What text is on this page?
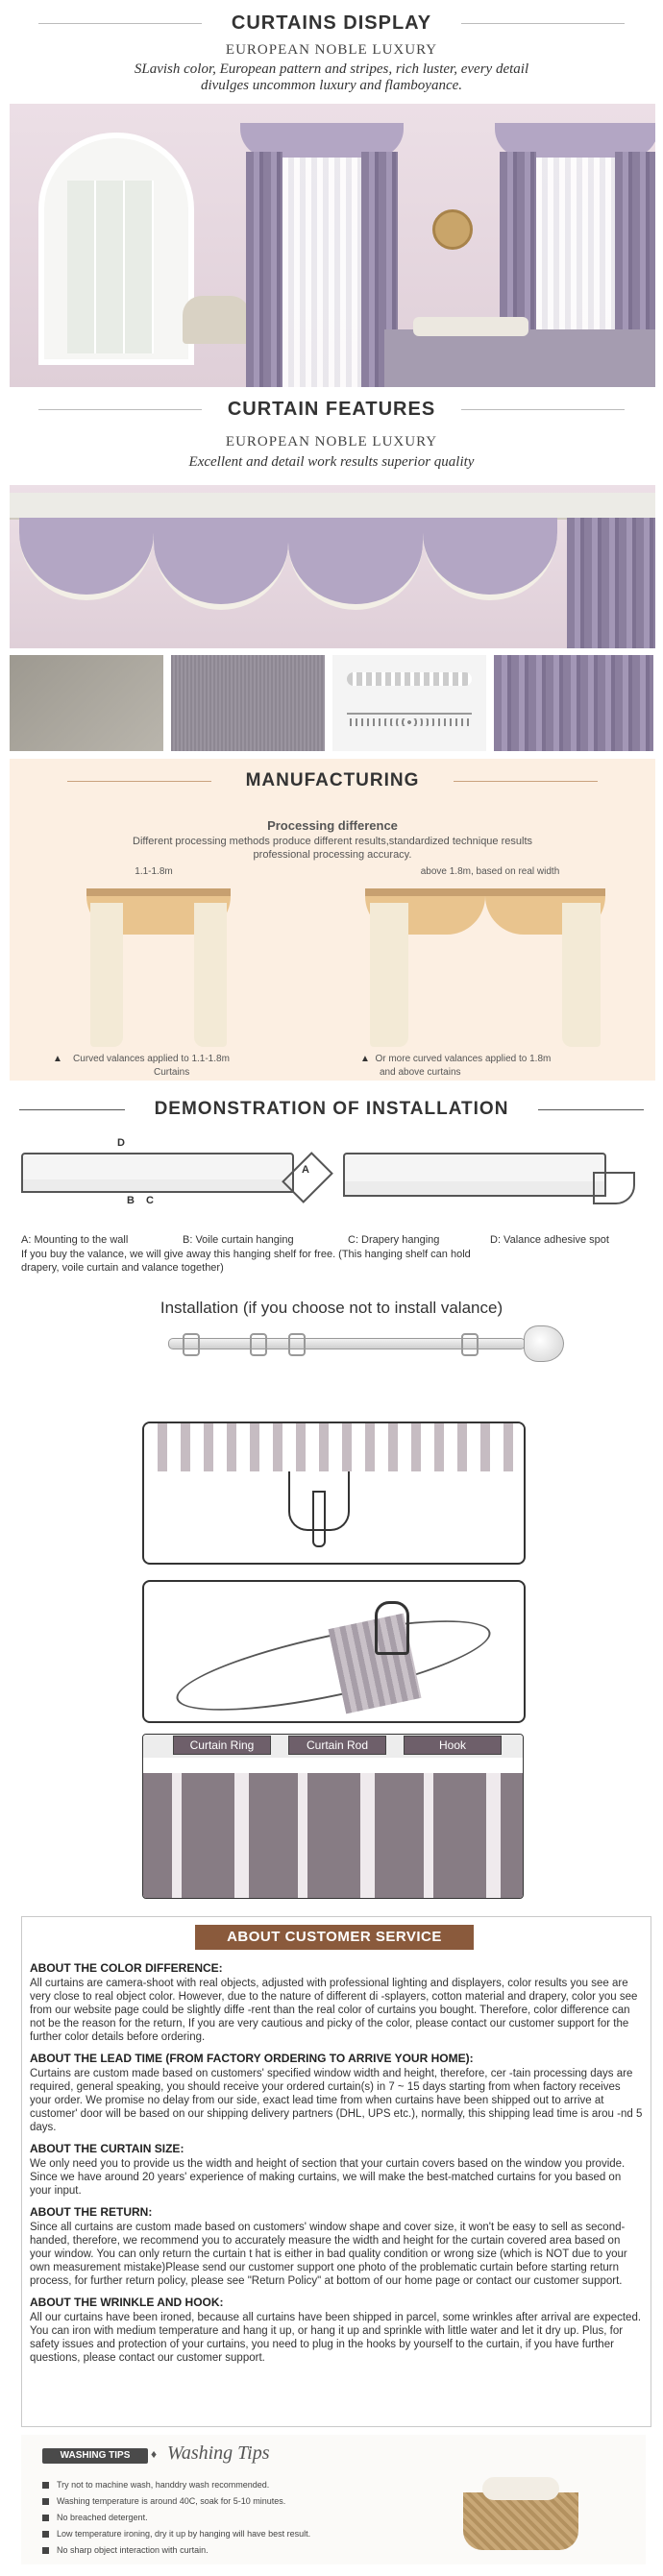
CURTAINS DISPLAY
EUROPEAN NOBLE LUXURY
SLavish color, European pattern and stripes, rich luster, every detail
divulges uncommon luxury and flamboyance.
CURTAIN FEATURES
EUROPEAN NOBLE LUXURY
Excellent and detail work results superior quality
MANUFACTURING
Processing difference
Different processing methods produce different results,standardized technique results
professional processing accuracy.
1.1-1.8m	above 1.8m, based on real width
▲ Curved valances applied to 1.1-1.8m
Curtains
▲ Or more curved valances applied to 1.8m
and above curtains
DEMONSTRATION OF INSTALLATION
D
A
B C
A: Mounting to the wall	B: Voile curtain hanging	C: Drapery hanging	D: Valance adhesive spot
If you buy the valance, we will give away this hanging shelf for free. (This hanging shelf can hold
drapery, voile curtain and valance together)
Installation (if you choose not to install valance)
Curtain Ring	Curtain Rod	Hook
ABOUT CUSTOMER SERVICE
ABOUT THE COLOR DIFFERENCE:

All curtains are camera-shoot with real objects, adjusted with professional lighting and displayers, color results you see are very close to real object color. However, due to the nature of different di -splayers, cotton material and drapery, color you see from our website page could be slightly diffe -rent than the real color of curtains you bought. Therefore, color difference can not be the reason for the return, If you are very cautious and picky of the color, please contact our customer support for the further color details before ordering.

ABOUT THE LEAD TIME (FROM FACTORY ORDERING TO ARRIVE YOUR HOME):

Curtains are custom made based on customers' specified window width and height, therefore, cer -tain processing days are required, general speaking, you should receive your ordered curtain(s) in 7 ~ 15 days starting from when factory receives your order. We promise no delay from our side, exact lead time from when curtains have been shipped out to arrive at customer' door will be based on our shipping delivery partners (DHL, UPS etc.), normally, this shipping lead time is arou -nd 5 days.

ABOUT THE CURTAIN SIZE:

We only need you to provide us the width and height of section that your curtain covers based on the window you provide. Since we have around 20 years' experience of making curtains, we will make the best-matched curtains for you based on your input.

ABOUT THE RETURN:

Since all curtains are custom made based on customers' window shape and cover size, it won't be easy to sell as second-handed, therefore, we recommend you to accurately measure the width and height for the curtain covered area based on your window. You can only return the curtain t hat is either in bad quality condition or wrong size (which is NOT due to your own measurement mistake)Please send our customer support one photo of the problematic curtain before starting return process, for further return policy, please see "Return Policy" at bottom of our home page or contact our customer support.

ABOUT THE WRINKLE AND HOOK:

All our curtains have been ironed, because all curtains have been shipped in parcel, some wrinkles after arrival are expected. You can iron with medium temperature and hang it up, or hang it up and sprinkle with little water and let it dry up. Plus, for safety issues and protection of your curtains, you need to plug in the hooks by yourself to the curtain, if you have further questions, please contact our customer support.

WASHING TIPS	♦ Washing Tips
Try not to machine wash, handdry wash recommended.
Washing temperature is around 40C, soak for 5-10 minutes.
No breached detergent.
Low temperature ironing, dry it up by hanging will have best result.
No sharp object interaction with curtain.
